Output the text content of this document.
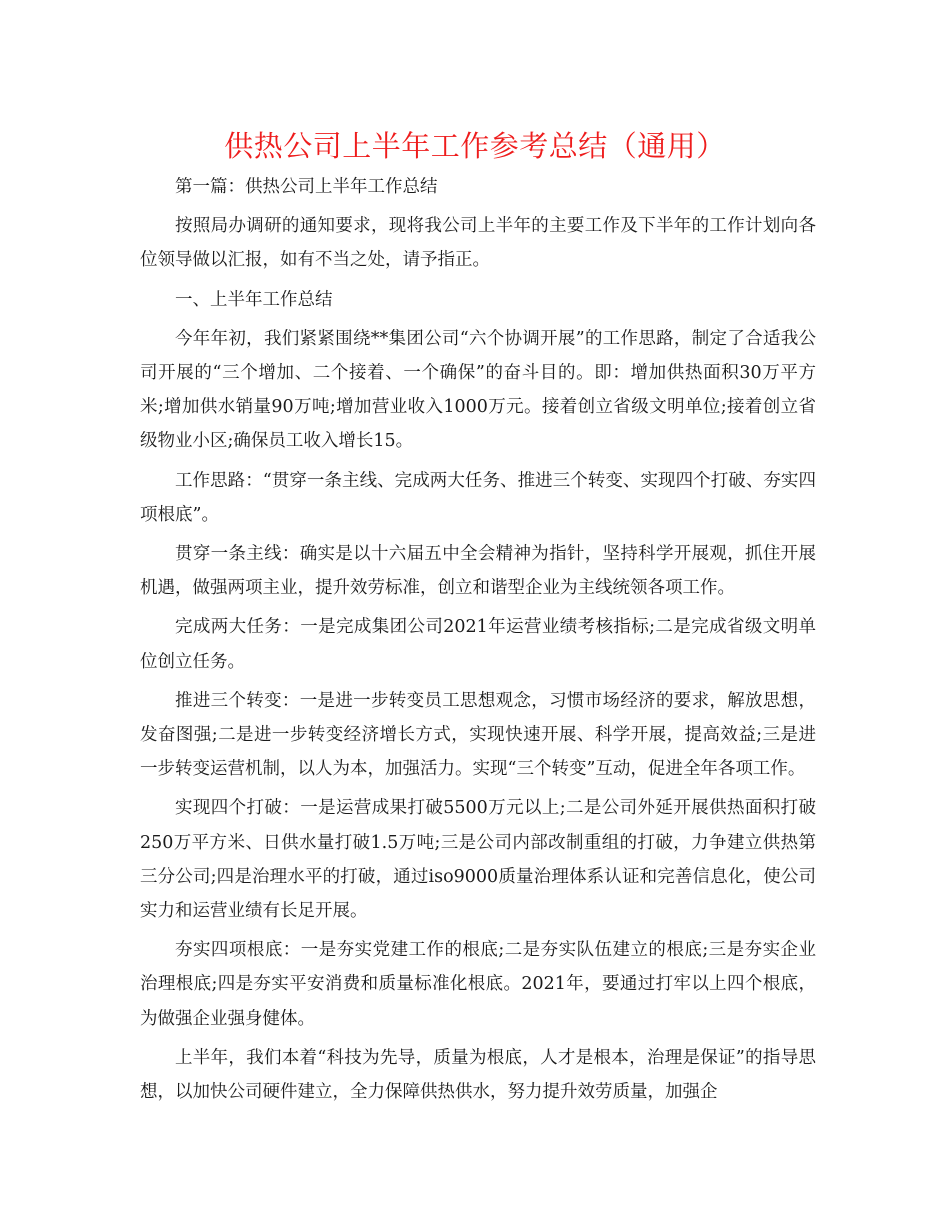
供热公司上半年工作参考总结（通用）

第一篇：供热公司上半年工作总结

按照局办调研的通知要求，现将我公司上半年的主要工作及下半年的工作计划向各位领导做以汇报，如有不当之处，请予指正。

一、上半年工作总结

今年年初，我们紧紧围绕**集团公司“六个协调开展”的工作思路，制定了合适我公司开展的“三个增加、二个接着、一个确保”的奋斗目的。即：增加供热面积30万平方米;增加供水销量90万吨;增加营业收入1000万元。接着创立省级文明单位;接着创立省级物业小区;确保员工收入增长15。

工作思路：“贯穿一条主线、完成两大任务、推进三个转变、实现四个打破、夯实四项根底”。

贯穿一条主线：确实是以十六届五中全会精神为指针，坚持科学开展观，抓住开展机遇，做强两项主业，提升效劳标准，创立和谐型企业为主线统领各项工作。

完成两大任务：一是完成集团公司2021年运营业绩考核指标;二是完成省级文明单位创立任务。

推进三个转变：一是进一步转变员工思想观念，习惯市场经济的要求，解放思想，发奋图强;二是进一步转变经济增长方式，实现快速开展、科学开展，提高效益;三是进一步转变运营机制，以人为本，加强活力。实现“三个转变”互动，促进全年各项工作。

实现四个打破：一是运营成果打破5500万元以上;二是公司外延开展供热面积打破250万平方米、日供水量打破1.5万吨;三是公司内部改制重组的打破，力争建立供热第三分公司;四是治理水平的打破，通过iso9000质量治理体系认证和完善信息化，使公司实力和运营业绩有长足开展。

夯实四项根底：一是夯实党建工作的根底;二是夯实队伍建立的根底;三是夯实企业治理根底;四是夯实平安消费和质量标准化根底。2021年，要通过打牢以上四个根底，为做强企业强身健体。

上半年，我们本着“科技为先导，质量为根底，人才是根本，治理是保证”的指导思想，以加快公司硬件建立，全力保障供热供水，努力提升效劳质量，加强企
